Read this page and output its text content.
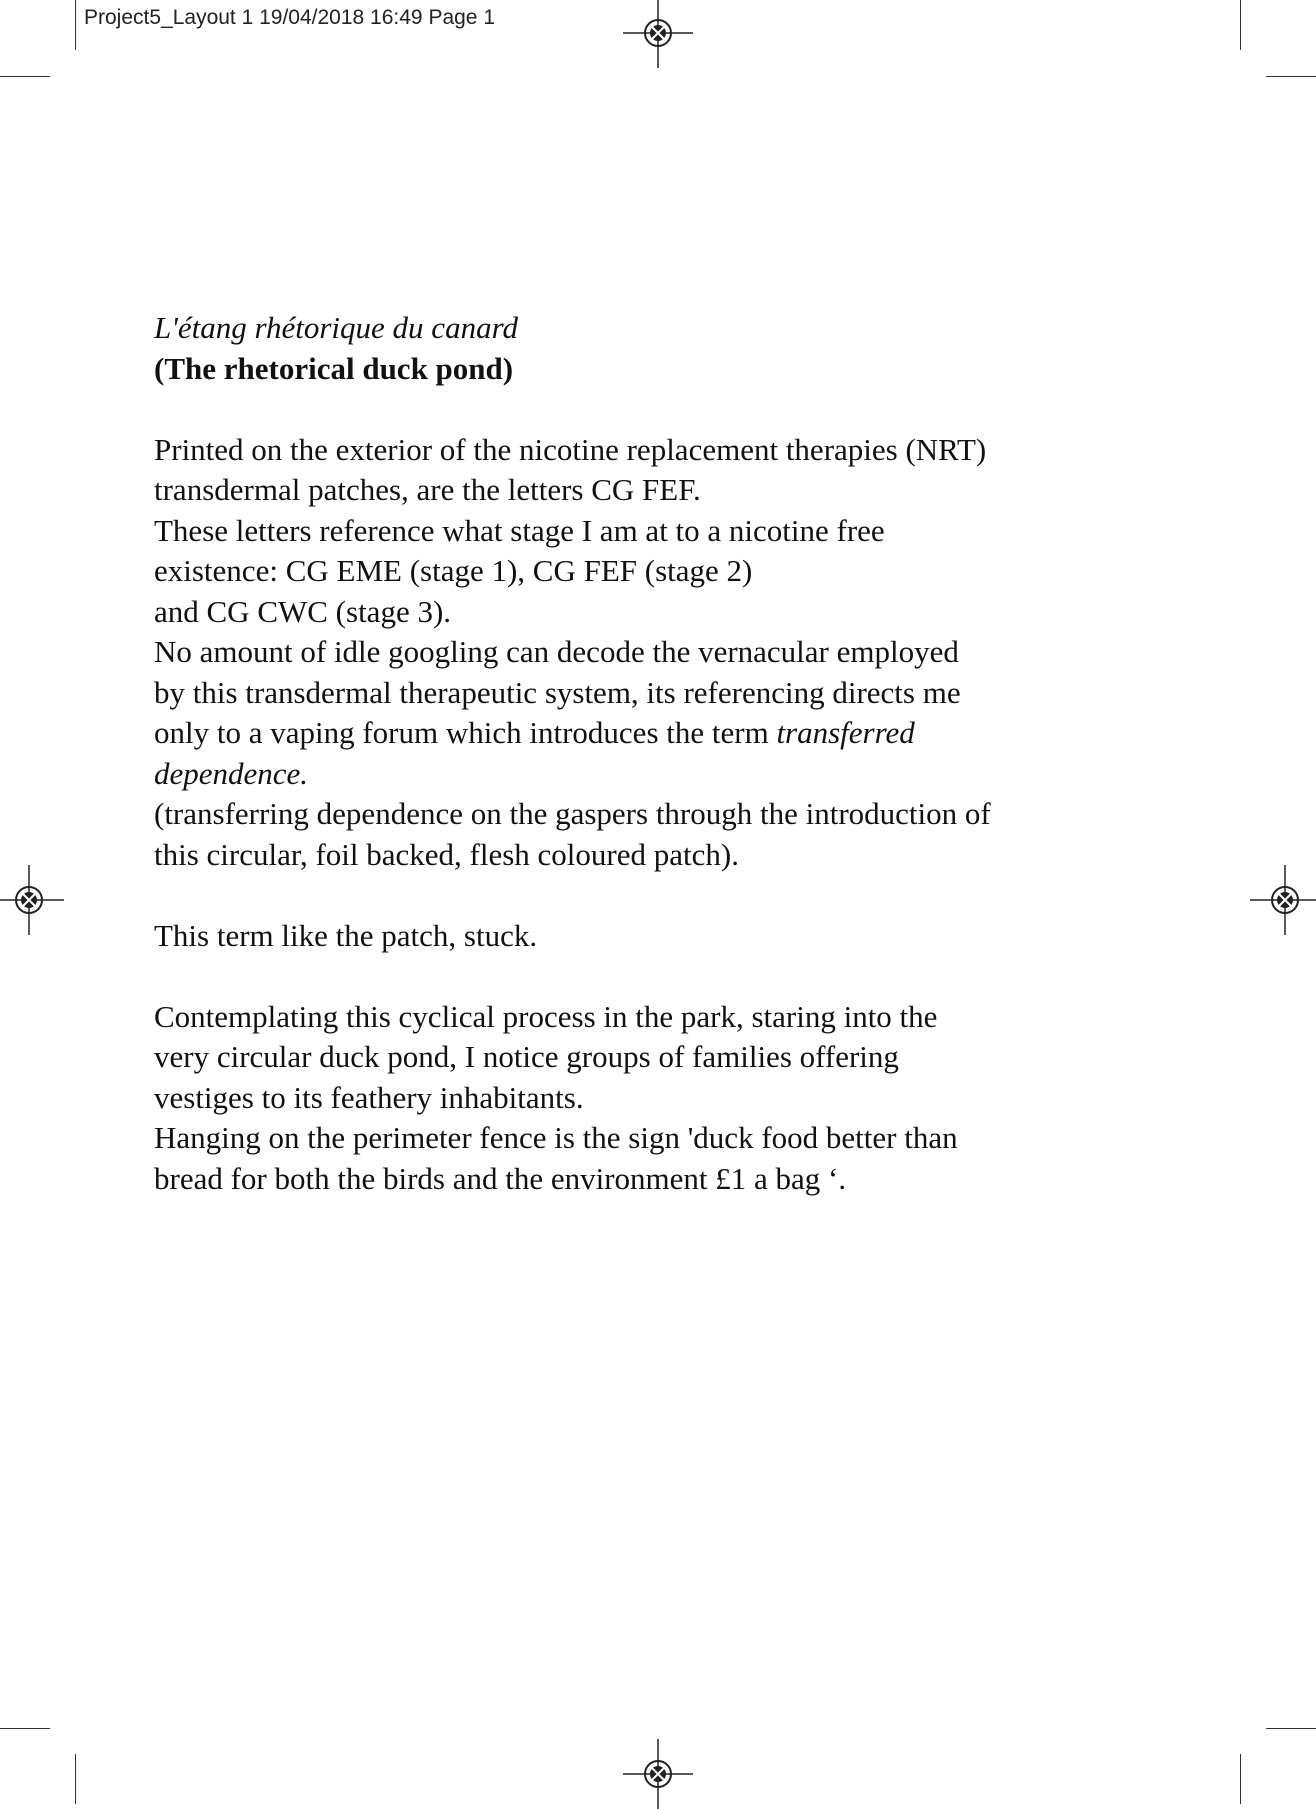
Project5_Layout 1 19/04/2018 16:49 Page 1
L'étang rhétorique du canard
(The rhetorical duck pond)
Printed on the exterior of the nicotine replacement therapies (NRT)
transdermal patches, are the letters CG FEF.
These letters reference what stage I am at to a nicotine free
existence: CG EME (stage 1), CG FEF (stage 2)
and CG CWC (stage 3).
No amount of idle googling can decode the vernacular employed
by this transdermal therapeutic system, its referencing directs me
only to a vaping forum which introduces the term transferred
dependence.
(transferring dependence on the gaspers through the introduction of
this circular, foil backed, flesh coloured patch).
This term like the patch, stuck.
Contemplating this cyclical process in the park, staring into the
very circular duck pond, I notice groups of families offering
vestiges to its feathery inhabitants.
Hanging on the perimeter fence is the sign 'duck food better than
bread for both the birds and the environment £1 a bag ‘.
